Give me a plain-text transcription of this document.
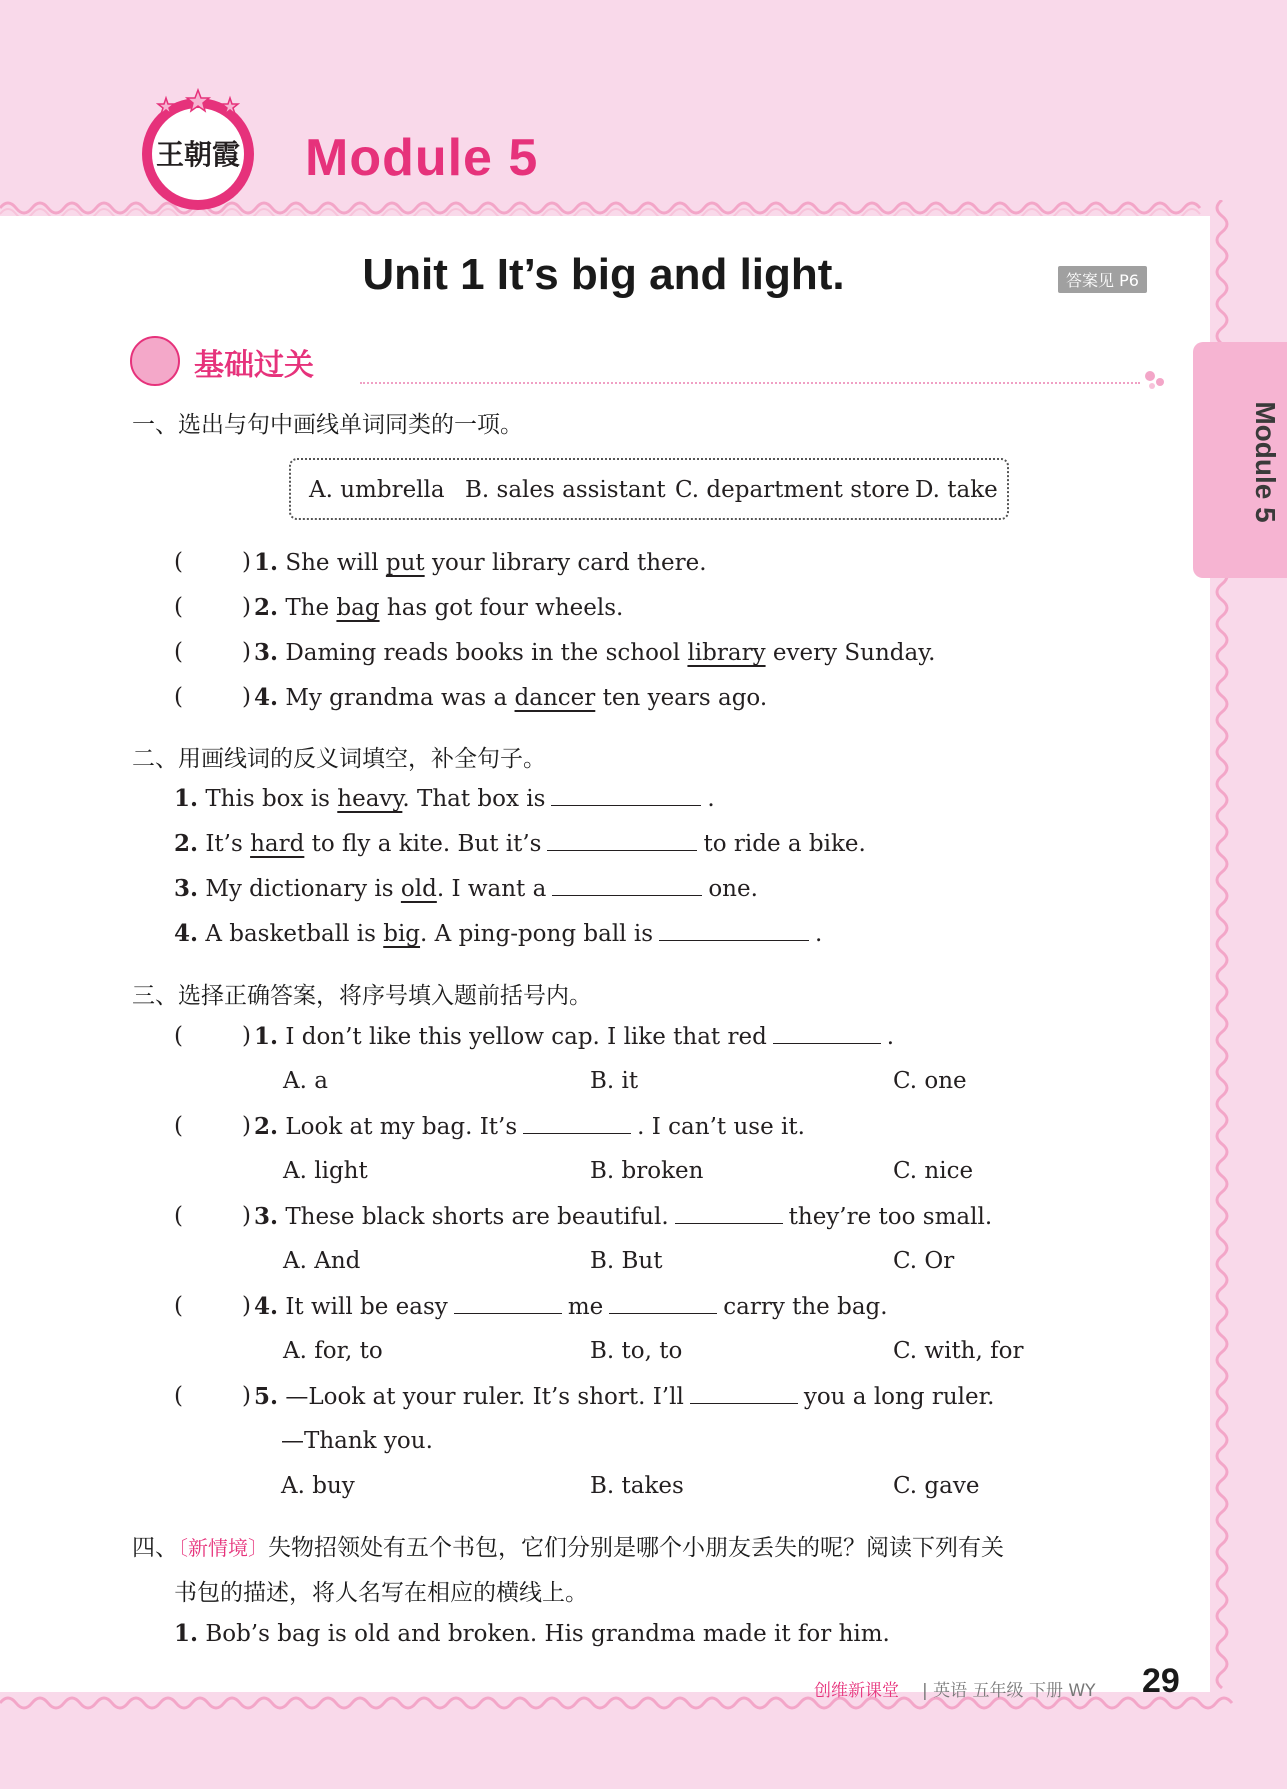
王朝霞 Module 5
Unit 1 It’s big and light.	答案见 P6
Module 5
基础过关
一、选出与句中画线单词同类的一项。
A. umbrella B. sales assistant C. department store D. take
(	) 1. She will put your library card there.
(	) 2. The bag has got four wheels.
(	) 3. Daming reads books in the school library every Sunday.
(	) 4. My grandma was a dancer ten years ago.
二、用画线词的反义词填空，补全句子。
1. This box is heavy. That box is	.
2. It’s hard to fly a kite. But it’s	to ride a bike.
3. My dictionary is old. I want a	one.
4. A basketball is big. A ping-pong ball is	.
三、选择正确答案，将序号填入题前括号内。
(	) 1. I don’t like this yellow cap. I like that red	.
A. a	B. it	C. one
(	) 2. Look at my bag. It’s	. I can’t use it.
A. light	B. broken	C. nice
(	) 3. These black shorts are beautiful.	they’re too small.
A. And	B. But	C. Or
(	) 4. It will be easy	me	carry the bag.
A. for, to	B. to, to	C. with, for
(	) 5. —Look at your ruler. It’s short. I’ll	you a long ruler.
—Thank you.
A. buy	B. takes	C. gave
四、〔新情境〕失物招领处有五个书包，它们分别是哪个小朋友丢失的呢？阅读下列有关
书包的描述，将人名写在相应的横线上。
1. Bob’s bag is old and broken. His grandma made it for him.
创维新课堂 | 英语 五年级 下册 WY 29
